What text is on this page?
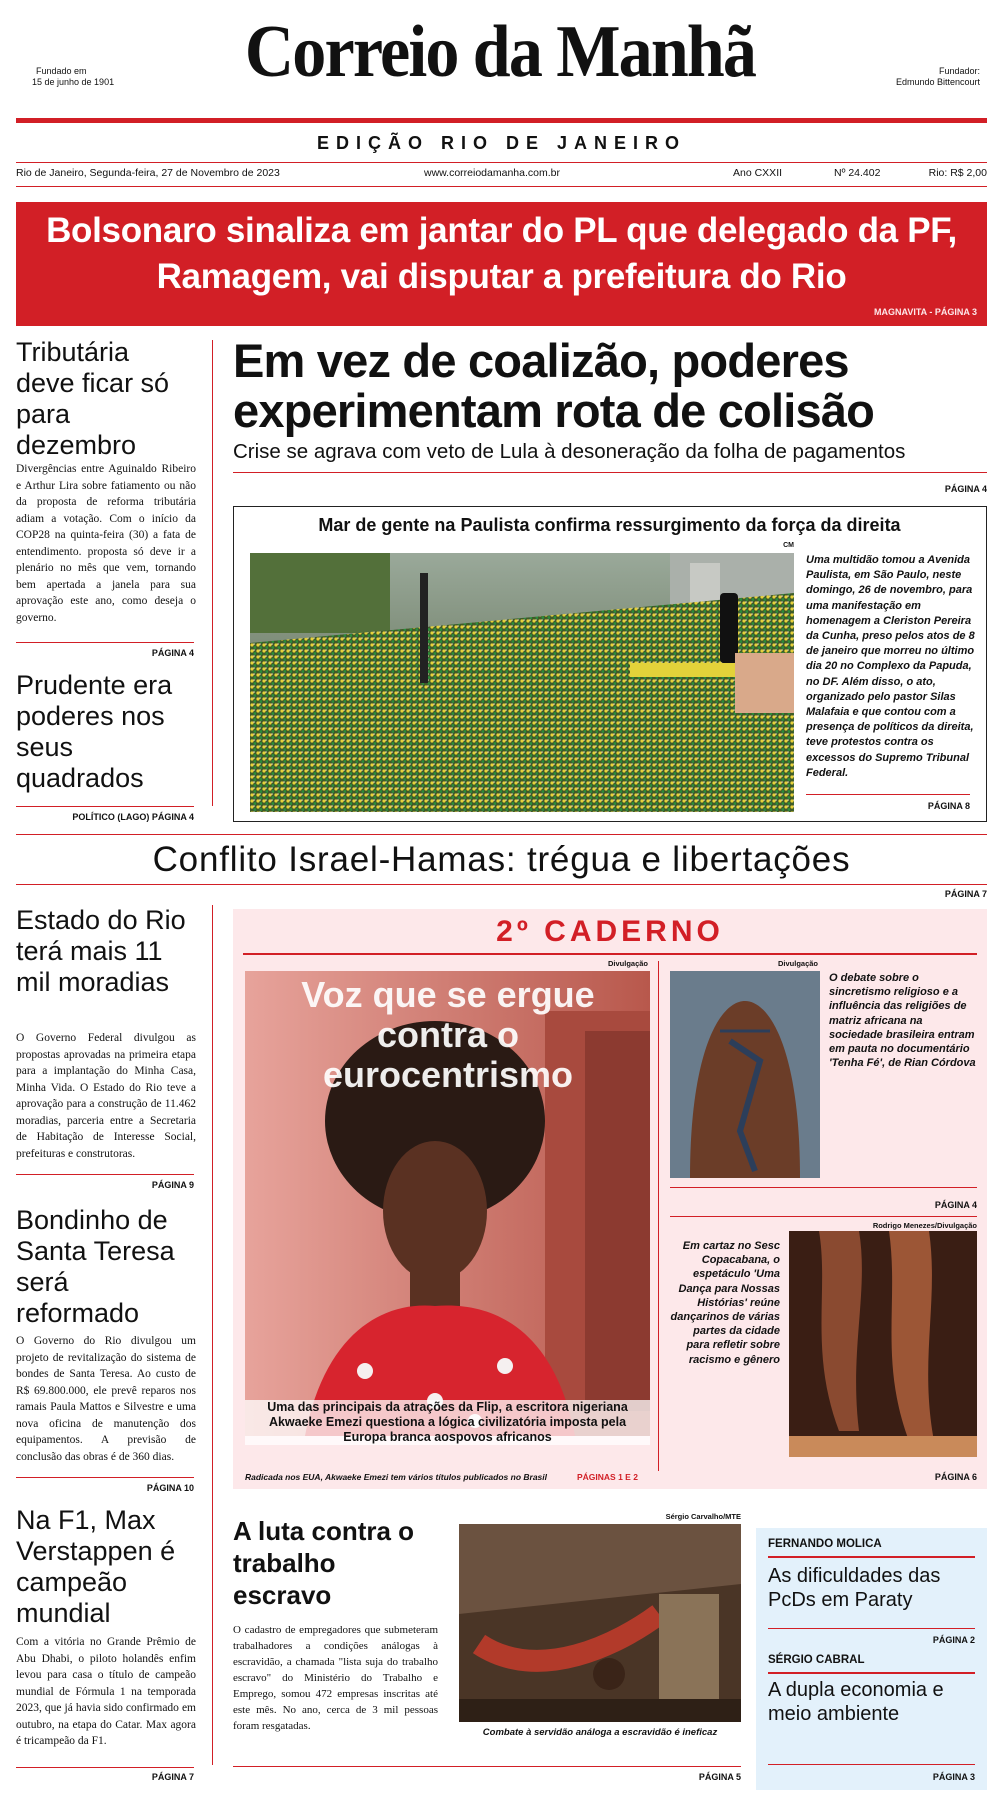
Fundado em
15 de junho de 1901	Correio da Manhã	Fundador:
Edmundo Bittencourt
EDIÇÃO RIO DE JANEIRO
Rio de Janeiro, Segunda-feira, 27 de Novembro de 2023	www.correiodamanha.com.br	Ano CXXII	Nº 24.402	Rio: R$ 2,00
Bolsonaro sinaliza em jantar do PL que delegado da PF, Ramagem, vai disputar a prefeitura do Rio
MAGNAVITA - PÁGINA 3
Tributária deve ficar só para dezembro
Divergências entre Aguinaldo Ribeiro e Arthur Lira sobre fatiamento ou não da proposta de reforma tributária adiam a votação. Com o início da COP28 na quinta-feira (30) a fata de entendimento. proposta só deve ir a plenário no mês que vem, tornando bem apertada a janela para sua aprovação este ano, como deseja o governo.
PÁGINA 4
Prudente era poderes nos seus quadrados
POLÍTICO (LAGO) PÁGINA 4
Em vez de coalizão, poderes experimentam rota de colisão
Crise se agrava com veto de Lula à desoneração da folha de pagamentos
PÁGINA 4
Mar de gente na Paulista confirma ressurgimento da força da direita
CM
Uma multidão tomou a Avenida Paulista, em São Paulo, neste domingo, 26 de novembro, para uma manifestação em homenagem a Cleriston Pereira da Cunha, preso pelos atos de 8 de janeiro que morreu no último dia 20 no Complexo da Papuda, no DF. Além disso, o ato, organizado pelo pastor Silas Malafaia e que contou com a presença de políticos da direita, teve protestos contra os excessos do Supremo Tribunal Federal.
PÁGINA 8
Conflito Israel-Hamas: trégua e libertações
PÁGINA 7
Estado do Rio terá mais 11 mil moradias
O Governo Federal divulgou as propostas aprovadas na primeira etapa para a implantação do Minha Casa, Minha Vida. O Estado do Rio teve a aprovação para a construção de 11.462 moradias, parceria entre a Secretaria de Habitação de Interesse Social, prefeituras e construtoras.
PÁGINA 9
Bondinho de Santa Teresa será reformado
O Governo do Rio divulgou um projeto de revitalização do sistema de bondes de Santa Teresa. Ao custo de R$ 69.800.000, ele prevê reparos nos ramais Paula Mattos e Silvestre e uma nova oficina de manutenção dos equipamentos. A previsão de conclusão das obras é de 360 dias.
PÁGINA 10
Na F1, Max Verstappen é campeão mundial
Com a vitória no Grande Prêmio de Abu Dhabi, o piloto holandês enfim levou para casa o título de campeão mundial de Fórmula 1 na temporada 2023, que já havia sido confirmado em outubro, na etapa do Catar. Max agora é tricampeão da F1.
PÁGINA 7
2º CADERNO
Divulgação
Voz que se ergue contra o eurocentrismo
Uma das principais da atrações da Flip, a escritora nigeriana Akwaeke Emezi questiona a lógica civilizatória imposta pela Europa branca aospovos africanos
Radicada nos EUA, Akwaeke Emezi tem vários títulos publicados no Brasil	PÁGINAS 1 E 2
Divulgação
O debate sobre o sincretismo religioso e a influência das religiões de matriz africana na sociedade brasileira entram em pauta no documentário 'Tenha Fé', de Rian Córdova
PÁGINA 4
Rodrigo Menezes/Divulgação
Em cartaz no Sesc Copacabana, o espetáculo 'Uma Dança para Nossas Histórias' reúne dançarinos de várias partes da cidade para refletir sobre racismo e gênero
PÁGINA 6
A luta contra o trabalho escravo
O cadastro de empregadores que submeteram trabalhadores a condições análogas à escravidão, a chamada "lista suja do trabalho escravo" do Ministério do Trabalho e Emprego, somou 472 empresas inscritas até este mês. No ano, cerca de 3 mil pessoas foram resgatadas.
Sérgio Carvalho/MTE
Combate à servidão análoga a escravidão é ineficaz
PÁGINA 5
FERNANDO MOLICA
As dificuldades das PcDs em Paraty
PÁGINA 2
SÉRGIO CABRAL
A dupla economia e meio ambiente
PÁGINA 3
